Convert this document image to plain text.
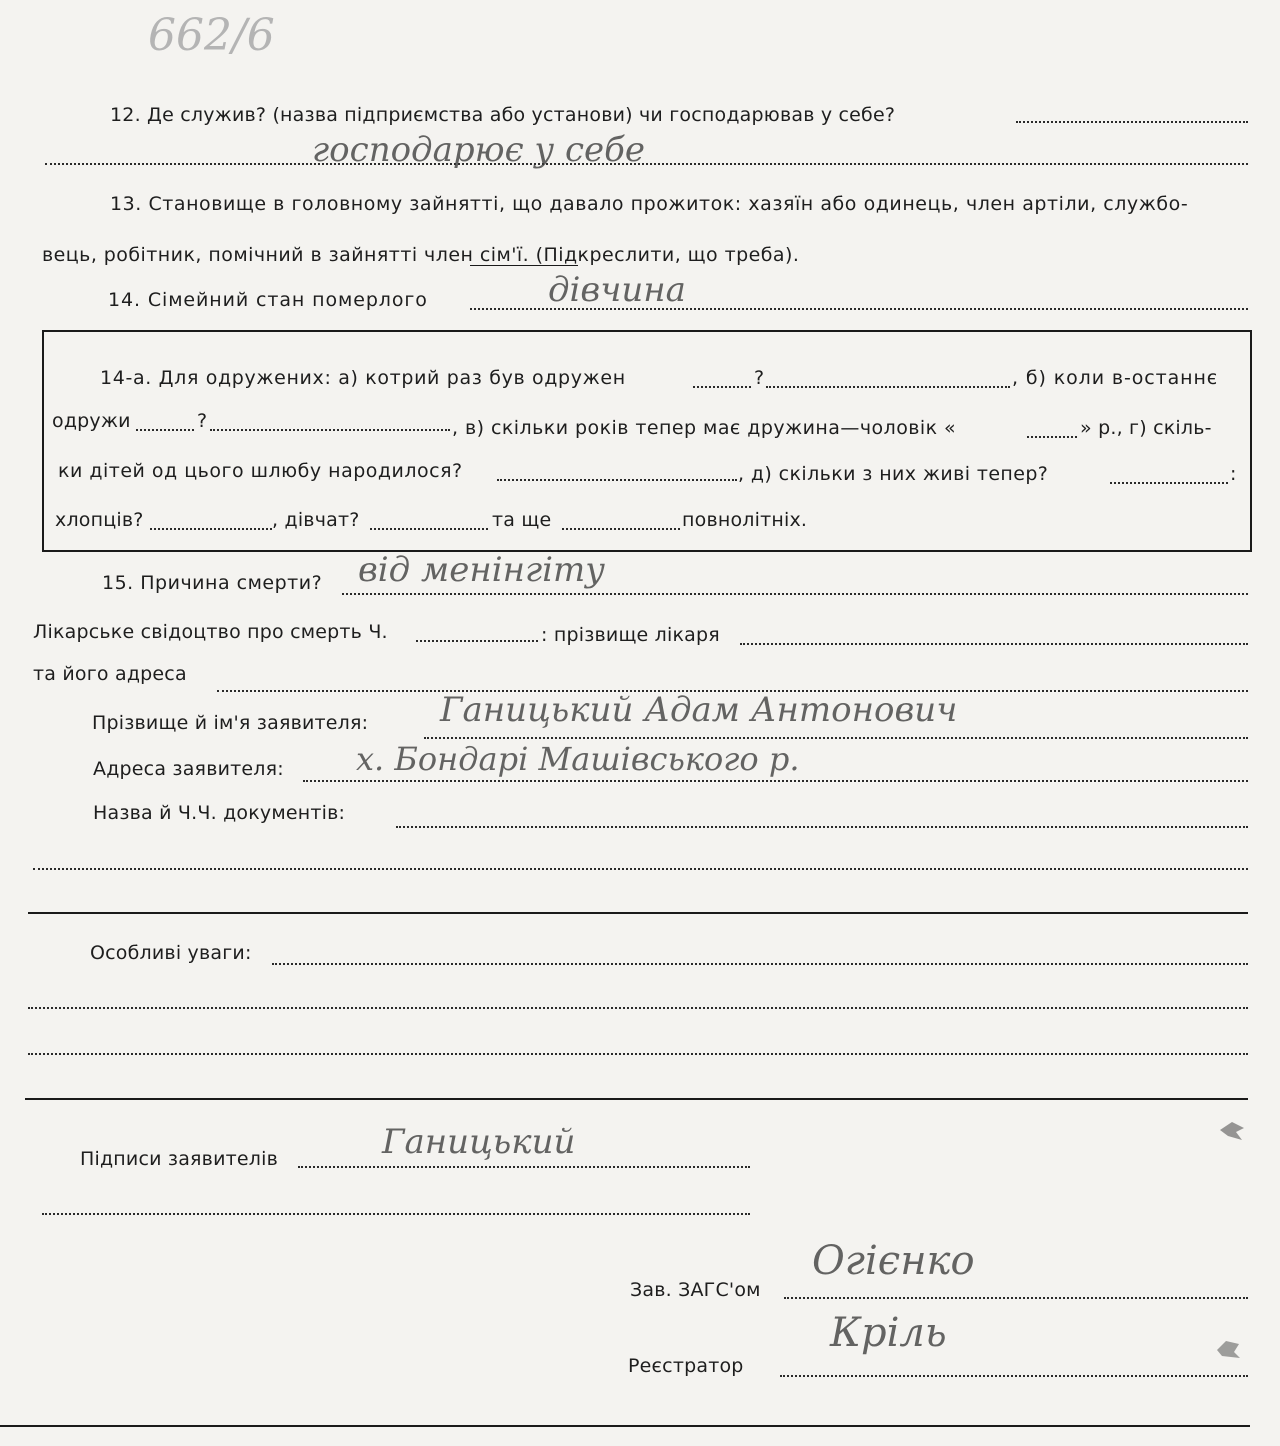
662/6
12. Де служив? (назва підприємства або установи) чи господарював у себе?
господарює у себе
13. Становище в головному зайнятті, що давало прожиток: хазяїн або одинець, член артіли, службо-
вець, робітник, помічний в зайнятті член сім'ї. (Підкреслити, що треба).
14. Сімейний стан померлого	дівчина
14-а. Для одружених: а) котрий раз був одружен	?	, б) коли в-останнє
одружи	?	, в) скільки років тепер має дружина—чоловік «	» р., г) скіль-
ки дітей од цього шлюбу народилося?	, д) скільки з них живі тепер?	:
хлопців?	, дівчат?	та ще	повнолітніх.
15. Причина смерти? від менінгіту
Лікарське свідоцтво про смерть Ч.	: прізвище лікаря
та його адреса
Прізвище й ім'я заявителя: Ганицький Адам Антонович
Адреса заявителя: х. Бондарі Машівського р.
Назва й Ч.Ч. документів:
Особливі уваги:
Підписи заявителів	Ганицький
Зав. ЗАГС'ом
Огієнко
Реєстратор
Кріль
